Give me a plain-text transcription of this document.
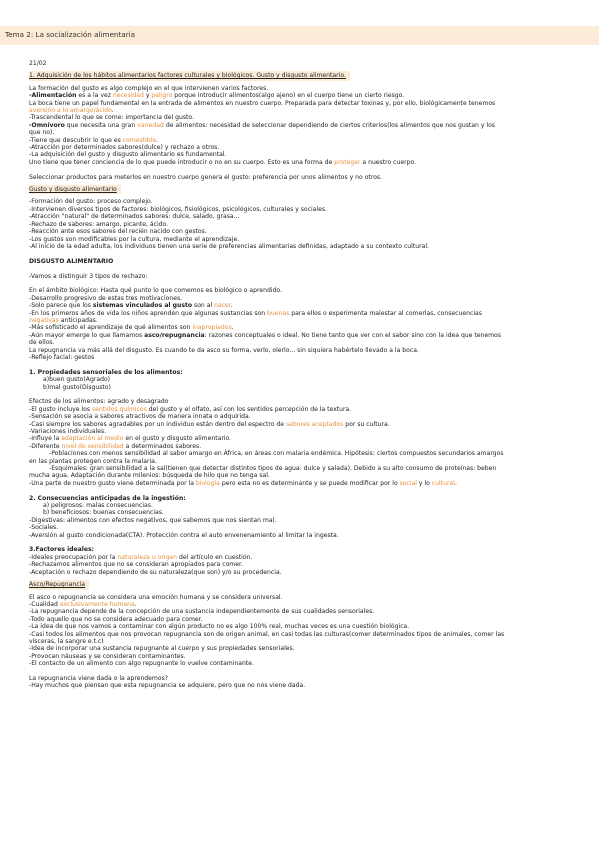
Tema 2: La socialización alimentaria

21/02

1. Adquisición de los hábitos alimentarios factores culturales y biológicos. Gusto y disgusto alimentario.

La formación del gusto es algo complejo en el que intervienen varios factores.

-Alimentación es a la vez necesidad y peligro porque introducir alimentos(algo ajeno) en el cuerpo tiene un cierto riesgo.

La boca tiene un papel fundamental en la entrada de alimentos en nuestro cuerpo. Preparada para detectar toxinas y, por ello, biológicamente tenemos

aversión a lo amargo/ácido.

-Trascendental lo que se come: importancia del gusto.

-Omnívoro que necesita una gran variedad de alimentos: necesidad de seleccionar dependiendo de ciertos criterios(los alimentos que nos gustan y los

que no).

-Tiene que descubrir lo que es comestible.

-Atracción por determinados sabores(dulce) y rechazo a otros.

-La adquisición del gusto y disgusto alimentario es fundamental.

Uno tiene que tener conciencia de lo que puede introducir o no en su cuerpo. Esto es una forma de proteger a nuestro cuerpo.

Seleccionar productos para meterlos en nuestro cuerpo genera el gusto: preferencia por unos alimentos y no otros.

Gusto y disgusto alimentario

-Formación del gusto: proceso complejo.

-Intervienen diversos tipos de factores: biológicos, fisiológicos, psicológicos, culturales y sociales.

-Atracción "natural" de determinados sabores: dulce, salado, grasa...

-Rechazo de sabores: amargo, picante, ácido.

-Reacción ante esos sabores del recién nacido con gestos.

-Los gustos son modificables por la cultura, mediante el aprendizaje.

-Al inicio de la edad adulta, los individuos tienen una serie de preferencias alimentarias definidas, adaptado a su contexto cultural.

DISGUSTO ALIMENTARIO

-Vamos a distinguir 3 tipos de rechazo:

En el ámbito biológico: Hasta qué punto lo que comemos es biológico o aprendido.

-Desarrollo progresivo de estas tres motivaciones.

-Solo parece que los sistemas vinculados al gusto son al nacer.

-En los primeros años de vida los niños aprenden que algunas sustancias son buenas para ellos o experimenta malestar al comerlas, consecuencias

negativas anticipadas.

-Más sofisticado el aprendizaje de qué alimentos son inapropiados.

-Aún mayor emerge lo que llamamos asco/repugnancia: razones conceptuales o ideal. No tiene tanto que ver con el sabor sino con la idea que tenemos

de ellos.

La repugnancia va más allá del disgusto. Es cuando te da asco su forma, verlo, olerlo... sin siquiera habértelo llevado a la boca.

-Reflejo facial: gestos

1. Propiedades sensoriales de los alimentos:

a)buen gusto(Agrado)

b)mal gusto(Disgusto)

Efectos de los alimentos: agrado y desagrado

-El gusto incluye los sentidos químicos del gusto y el olfato, así con los sentidos percepción de la textura.

-Sensación se asocia a sabores atractivos de manera innata o adquirida.

-Casi siempre los sabores agradables por un individuo están dentro del espectro de sabores aceptados por su cultura.

-Variaciones individuales.

-Influye la adaptación al medio en el gusto y disgusto alimentario.

-Diferente nivel de sensibilidad a determinados sabores.

-Poblaciones con menos sensibilidad al sabor amargo en África, en áreas con malaria endémica. Hipótesis: ciertos compuestos secundarios amargos

en las plantas protegen contra la malaria.

-Esquimales: gran sensibilidad a la sal(tienen que detectar distintos tipos de agua: dulce y salada). Debido a su alto consumo de proteínas: beben

mucha agua. Adaptación durante milenios: búsqueda de hilo que no tenga sal.

-Una parte de nuestro gusto viene determinada por la biología pero esta no es determinante y se puede modificar por lo social y lo cultural.

2. Consecuencias anticipadas de la ingestión:

a) peligrosos: malas consecuencias.

b) beneficiosos: buenas consecuencias.

-Digestivas: alimentos con efectos negativos, que sabemos que nos sientan mal.

-Sociales.

-Aversión al gusto condicionada(CTA). Protección contra el auto envenenamiento al limitar la ingesta.

3.Factores ideales:

-Ideales preocupación por la naturaleza u origen del artículo en cuestión.

-Rechazamos alimentos que no se consideran apropiados para comer.

-Aceptación o rechazo dependiendo de su naturaleza(que son) y/o su procedencia.

Asco/Repugnancia

El asco o repugnancia se considera una emoción humana y se considera universal.

-Cualidad exclusivamente humana.

-La repugnancia depende de la concepción de una sustancia independientemente de sus cualidades sensoriales.

-Todo aquello que no se considera adecuado para comer.

-La idea de que nos vamos a contaminar con algún producto no es algo 100% real, muchas veces es una cuestión biológica.

-Casi todos los alimentos que nos provocan repugnancia son de origen animal, en casi todas las culturas(comer determinados tipos de animales, comer las

vísceras, la sangre e.t.c)

-Idea de incorporar una sustancia repugnante al cuerpo y sus propiedades sensoriales.

-Provocan náuseas y se consideran contaminantes.

-El contacto de un alimento con algo repugnante lo vuelve contaminante.

La repugnancia viene dada o la aprendemos?

-Hay muchos que piensan que esta repugnancia se adquiere, pero que no nos viene dada.
